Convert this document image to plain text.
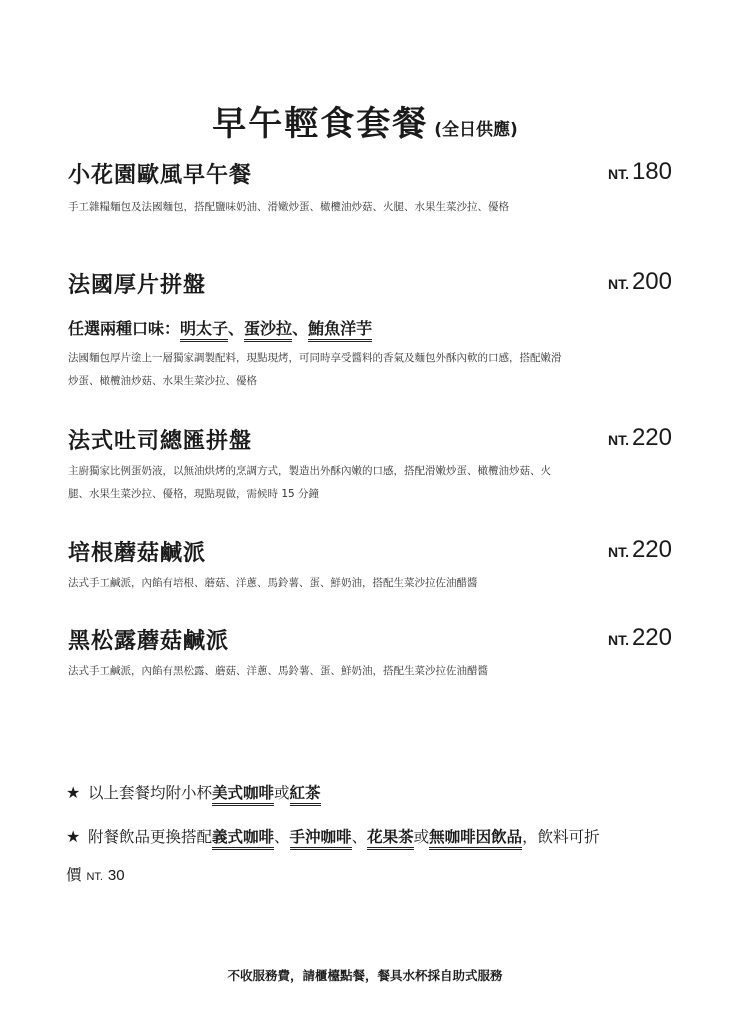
早午輕食套餐 (全日供應)
小花園歐風早午餐	NT. 180
手工雜糧麵包及法國麵包，搭配鹽味奶油、滑嫩炒蛋、橄欖油炒菇、火腿、水果生菜沙拉、優格
法國厚片拼盤	NT. 200
任選兩種口味：明太子、蛋沙拉、鮪魚洋芋
法國麵包厚片塗上一層獨家調製配料，現點現烤，可同時享受醬料的香氣及麵包外酥內軟的口感，搭配嫩滑炒蛋、橄欖油炒菇、水果生菜沙拉、優格
法式吐司總匯拼盤	NT. 220
主廚獨家比例蛋奶液，以無油烘烤的烹調方式，製造出外酥內嫩的口感，搭配滑嫩炒蛋、橄欖油炒菇、火腿、水果生菜沙拉、優格，現點現做，需候時 15 分鐘
培根蘑菇鹹派	NT. 220
法式手工鹹派，內餡有培根、蘑菇、洋蔥、馬鈴薯、蛋、鮮奶油，搭配生菜沙拉佐油醋醬
黑松露蘑菇鹹派	NT. 220
法式手工鹹派，內餡有黑松露、蘑菇、洋蔥、馬鈴薯、蛋、鮮奶油，搭配生菜沙拉佐油醋醬
★ 以上套餐均附小杯美式咖啡或紅茶
★ 附餐飲品更換搭配義式咖啡、手沖咖啡、花果茶或無咖啡因飲品，飲料可折
價 NT. 30
不收服務費，請櫃檯點餐，餐具水杯採自助式服務
